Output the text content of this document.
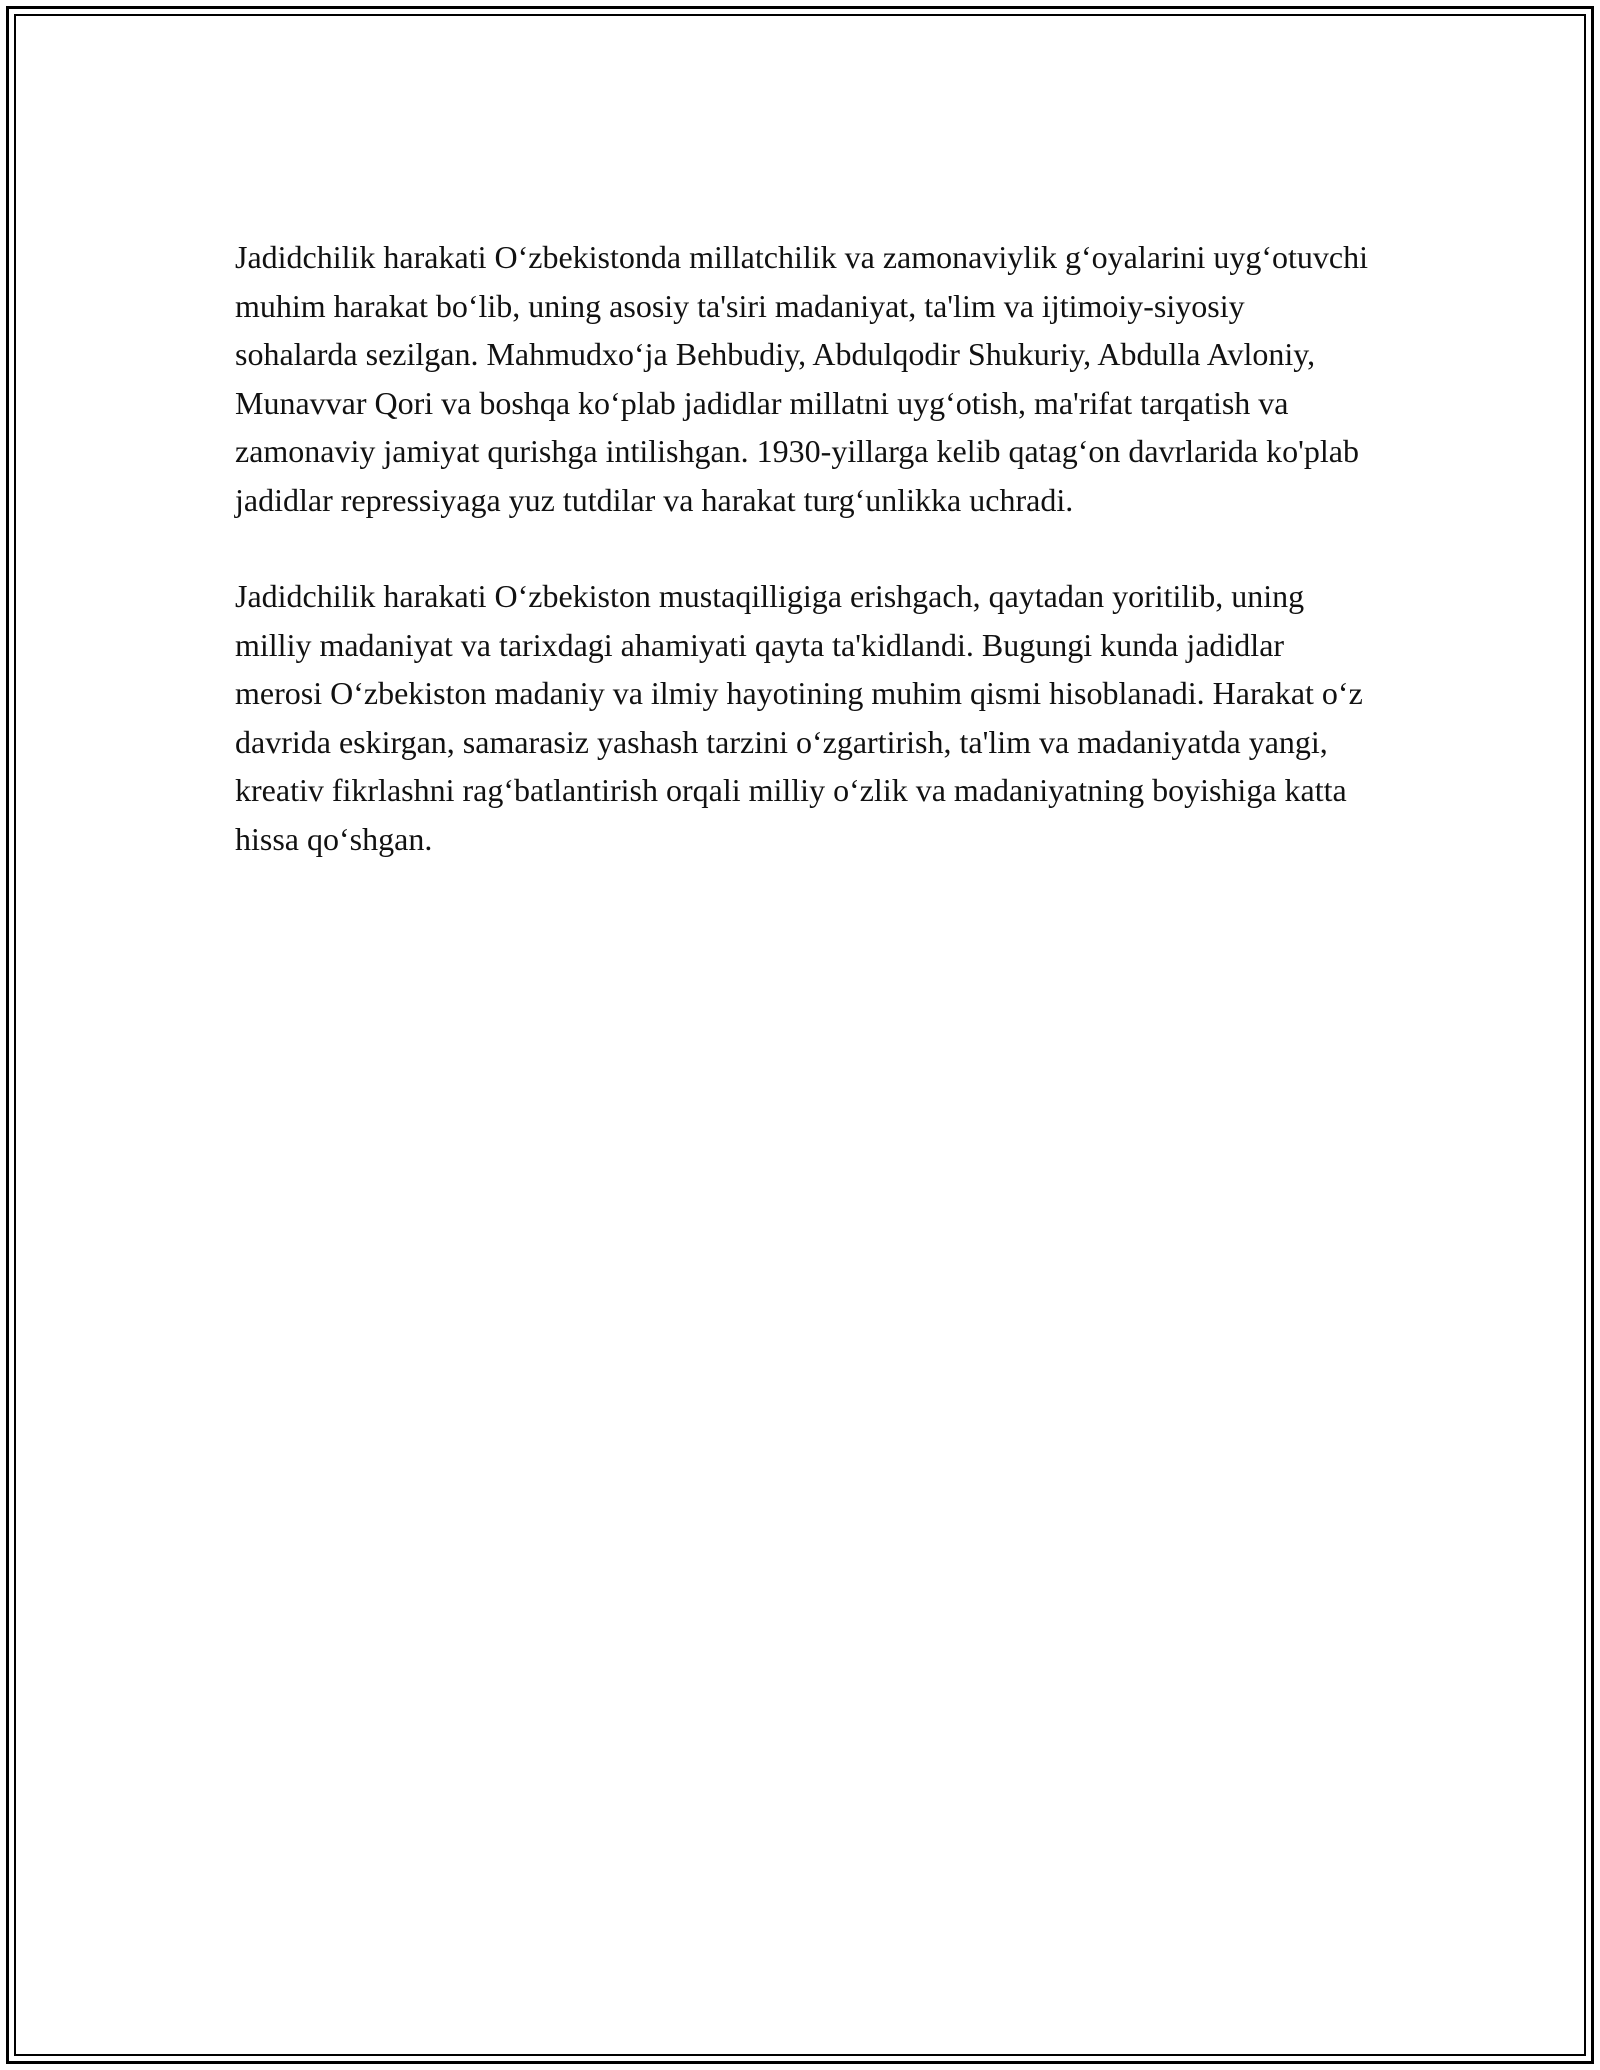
Jadidchilik harakati O‘zbekistonda millatchilik va zamonaviylik g‘oyalarini uyg‘otuvchi muhim harakat bo‘lib, uning asosiy ta'siri madaniyat, ta'lim va ijtimoiy-siyosiy sohalarda sezilgan. Mahmudxo‘ja Behbudiy, Abdulqodir Shukuriy, Abdulla Avloniy, Munavvar Qori va boshqa ko‘plab jadidlar millatni uyg‘otish, ma'rifat tarqatish va zamonaviy jamiyat qurishga intilishgan. 1930-yillarga kelib qatag‘on davrlarida ko'plab jadidlar repressiyaga yuz tutdilar va harakat turg‘unlikka uchradi.

Jadidchilik harakati O‘zbekiston mustaqilligiga erishgach, qaytadan yoritilib, uning milliy madaniyat va tarixdagi ahamiyati qayta ta'kidlandi. Bugungi kunda jadidlar merosi O‘zbekiston madaniy va ilmiy hayotining muhim qismi hisoblanadi. Harakat o‘z davrida eskirgan, samarasiz yashash tarzini o‘zgartirish, ta'lim va madaniyatda yangi, kreativ fikrlashni rag‘batlantirish orqali milliy o‘zlik va madaniyatning boyishiga katta hissa qo‘shgan.
